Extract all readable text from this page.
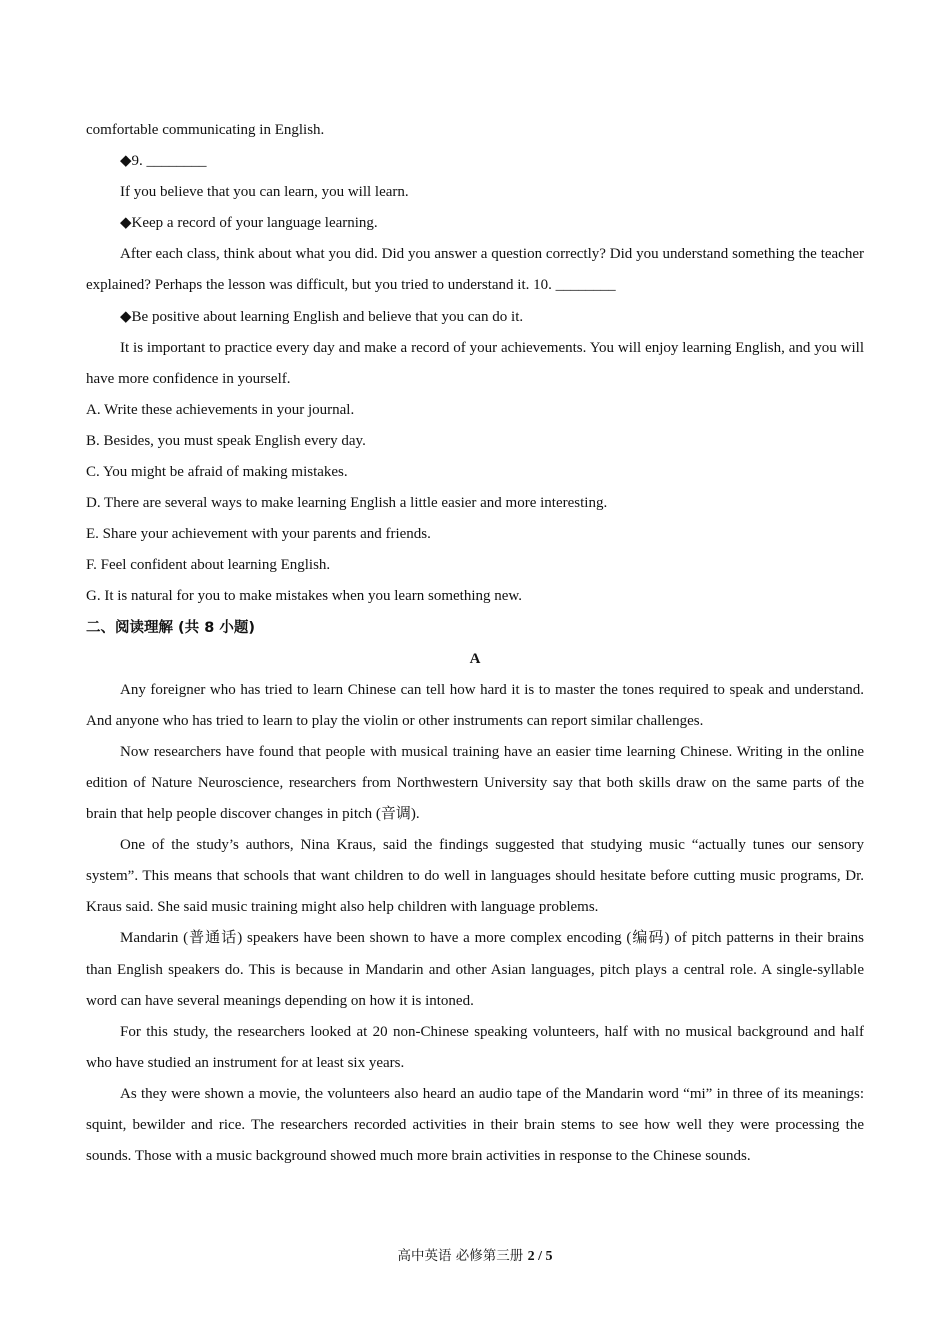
comfortable communicating in English.

◆9. ________

If you believe that you can learn, you will learn.

◆Keep a record of your language learning.

After each class, think about what you did. Did you answer a question correctly? Did you understand something the teacher explained? Perhaps the lesson was difficult, but you tried to understand it. 10. ________

◆Be positive about learning English and believe that you can do it.

It is important to practice every day and make a record of your achievements. You will enjoy learning English, and you will have more confidence in yourself.

A. Write these achievements in your journal.

B. Besides, you must speak English every day.

C. You might be afraid of making mistakes.

D. There are several ways to make learning English a little easier and more interesting.

E. Share your achievement with your parents and friends.

F. Feel confident about learning English.

G. It is natural for you to make mistakes when you learn something new.

二、阅读理解 (共 8 小题)

A

Any foreigner who has tried to learn Chinese can tell how hard it is to master the tones required to speak and understand. And anyone who has tried to learn to play the violin or other instruments can report similar challenges.

Now researchers have found that people with musical training have an easier time learning Chinese. Writing in the online edition of Nature Neuroscience, researchers from Northwestern University say that both skills draw on the same parts of the brain that help people discover changes in pitch (音调).

One of the study’s authors, Nina Kraus, said the findings suggested that studying music “actually tunes our sensory system”. This means that schools that want children to do well in languages should hesitate before cutting music programs, Dr. Kraus said. She said music training might also help children with language problems.

Mandarin (普通话) speakers have been shown to have a more complex encoding (编码) of pitch patterns in their brains than English speakers do. This is because in Mandarin and other Asian languages, pitch plays a central role. A single‑syllable word can have several meanings depending on how it is intoned.

For this study, the researchers looked at 20 non‑Chinese speaking volunteers, half with no musical background and half who have studied an instrument for at least six years.

As they were shown a movie, the volunteers also heard an audio tape of the Mandarin word “mi” in three of its meanings: squint, bewilder and rice. The researchers recorded activities in their brain stems to see how well they were processing the sounds. Those with a music background showed much more brain activities in response to the Chinese sounds.

高中英语 必修第三册 2 / 5
